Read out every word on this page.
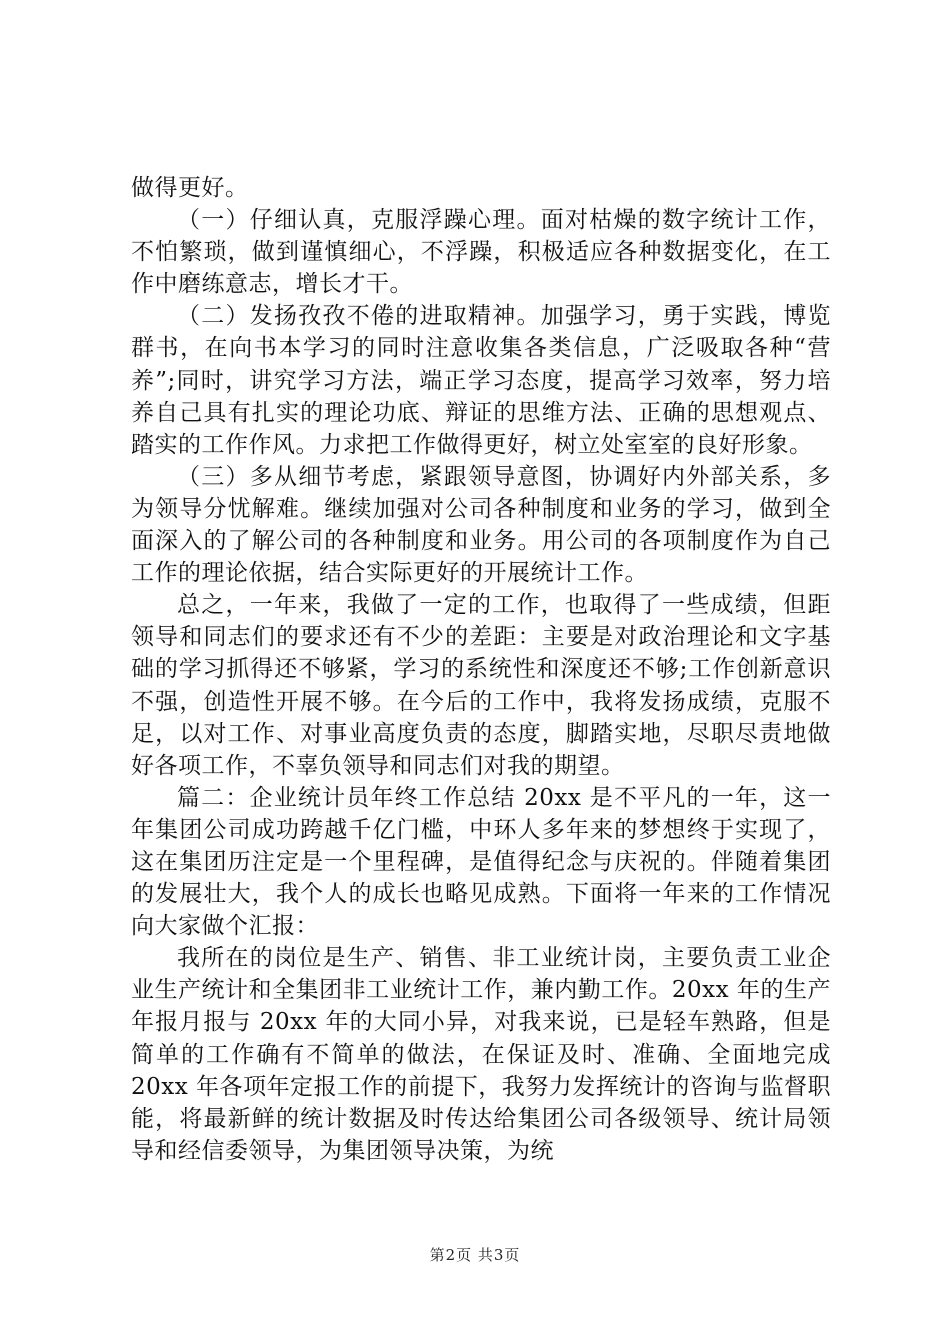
做得更好。

（一）仔细认真，克服浮躁心理。面对枯燥的数字统计工作，不怕繁琐，做到谨慎细心，不浮躁，积极适应各种数据变化，在工作中磨练意志，增长才干。

（二）发扬孜孜不倦的进取精神。加强学习，勇于实践，博览群书，在向书本学习的同时注意收集各类信息，广泛吸取各种“营养”;同时，讲究学习方法，端正学习态度，提高学习效率，努力培养自己具有扎实的理论功底、辩证的思维方法、正确的思想观点、踏实的工作作风。力求把工作做得更好，树立处室室的良好形象。

（三）多从细节考虑，紧跟领导意图，协调好内外部关系，多为领导分忧解难。继续加强对公司各种制度和业务的学习，做到全面深入的了解公司的各种制度和业务。用公司的各项制度作为自己工作的理论依据，结合实际更好的开展统计工作。

总之，一年来，我做了一定的工作，也取得了一些成绩，但距领导和同志们的要求还有不少的差距：主要是对政治理论和文字基础的学习抓得还不够紧，学习的系统性和深度还不够;工作创新意识不强，创造性开展不够。在今后的工作中，我将发扬成绩，克服不足，以对工作、对事业高度负责的态度，脚踏实地，尽职尽责地做好各项工作，不辜负领导和同志们对我的期望。

篇二：企业统计员年终工作总结 20xx 是不平凡的一年，这一年集团公司成功跨越千亿门槛，中环人多年来的梦想终于实现了，这在集团历注定是一个里程碑，是值得纪念与庆祝的。伴随着集团的发展壮大，我个人的成长也略见成熟。下面将一年来的工作情况向大家做个汇报：

我所在的岗位是生产、销售、非工业统计岗，主要负责工业企业生产统计和全集团非工业统计工作，兼内勤工作。20xx 年的生产年报月报与 20xx 年的大同小异，对我来说，已是轻车熟路，但是简单的工作确有不简单的做法，在保证及时、准确、全面地完成 20xx 年各项年定报工作的前提下，我努力发挥统计的咨询与监督职能，将最新鲜的统计数据及时传达给集团公司各级领导、统计局领导和经信委领导，为集团领导决策，为统

第2页 共3页
